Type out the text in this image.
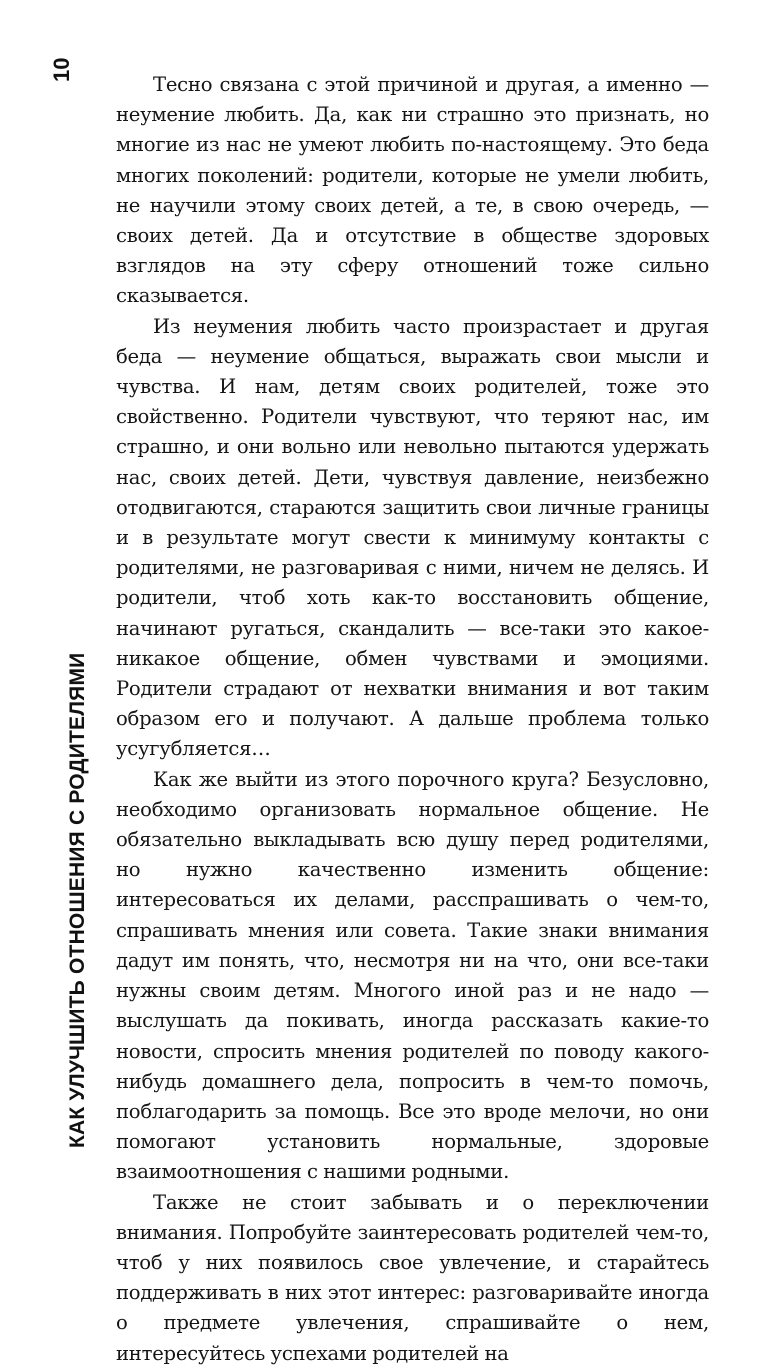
10
КАК УЛУЧШИТЬ ОТНОШЕНИЯ С РОДИТЕЛЯМИ

Тесно связана с этой причиной и другая, а именно — неумение любить. Да, как ни страшно это признать, но многие из нас не умеют любить по-настоящему. Это беда многих поколений: родители, которые не умели любить, не научили этому своих детей, а те, в свою очередь, — своих детей. Да и отсутствие в обществе здоровых взглядов на эту сферу отношений тоже сильно сказывается.

Из неумения любить часто произрастает и другая беда — неумение общаться, выражать свои мысли и чувства. И нам, детям своих родителей, тоже это свойственно. Родители чувствуют, что теряют нас, им страшно, и они вольно или невольно пытаются удержать нас, своих детей. Дети, чувствуя давление, неизбежно отодвигаются, стараются защитить свои личные границы и в результате могут свести к минимуму контакты с родителями, не разговаривая с ними, ничем не делясь. И родители, чтоб хоть как-то восстановить общение, начинают ругаться, скандалить — все-таки это какое-никакое общение, обмен чувствами и эмоциями. Родители страдают от нехватки внимания и вот таким образом его и получают. А дальше проблема только усугубляется…

Как же выйти из этого порочного круга? Безусловно, необходимо организовать нормальное общение. Не обязательно выкладывать всю душу перед родителями, но нужно качественно изменить общение: интересоваться их делами, расспрашивать о чем-то, спрашивать мнения или совета. Такие знаки внимания дадут им понять, что, несмотря ни на что, они все-таки нужны своим детям. Многого иной раз и не надо — выслушать да покивать, иногда рассказать какие-то новости, спросить мнения родителей по поводу какого-нибудь домашнего дела, попросить в чем-то помочь, поблагодарить за помощь. Все это вроде мелочи, но они помогают установить нормальные, здоровые взаимоотношения с нашими родными.

Также не стоит забывать и о переключении внимания. Попробуйте заинтересовать родителей чем-то, чтоб у них появилось свое увлечение, и старайтесь поддерживать в них этот интерес: разговаривайте иногда о предмете увлечения, спрашивайте о нем, интересуйтесь успехами родителей на
